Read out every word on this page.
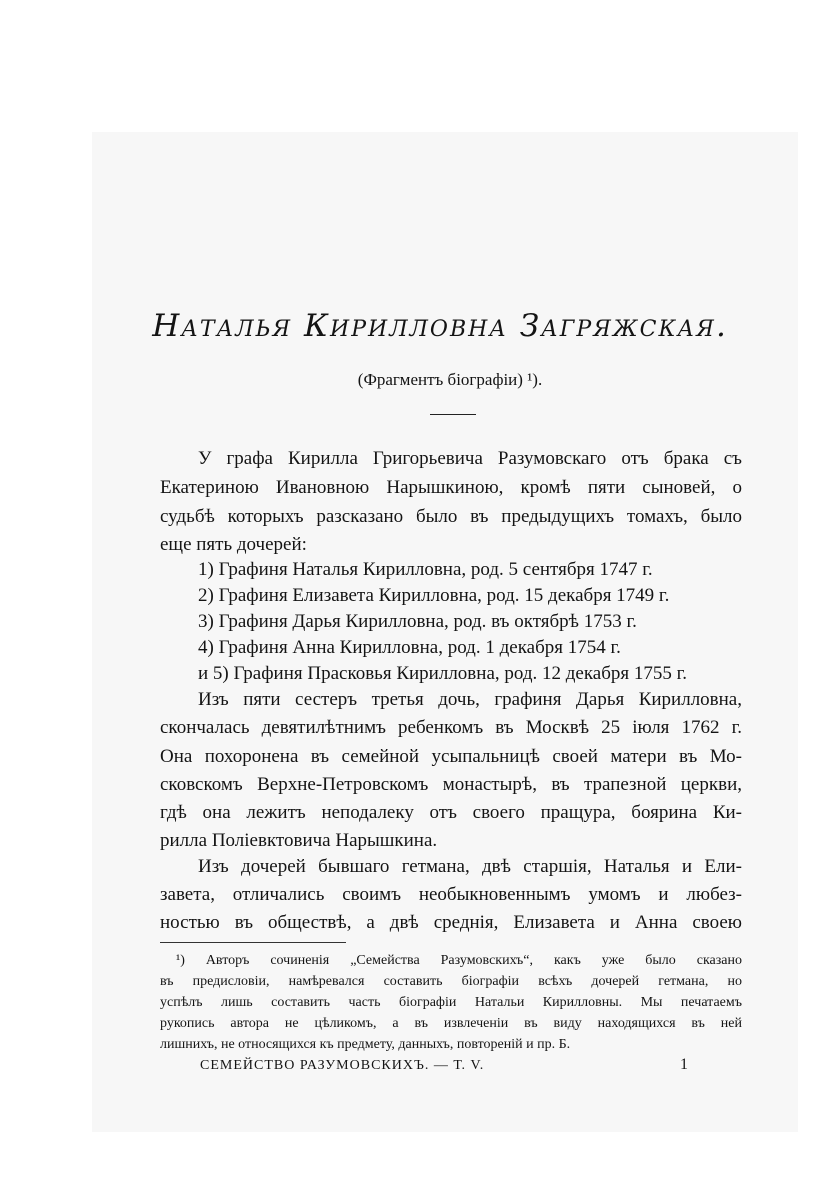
Наталья Кирилловна Загряжская.
(Фрагментъ біографіи) ¹).
У графа Кирилла Григорьевича Разумовскаго отъ брака съ
Екатериною Ивановною Нарышкиною, кромѣ пяти сыновей, о
судьбѣ которыхъ разсказано было въ предыдущихъ томахъ, было
еще пять дочерей:
1) Графиня Наталья Кирилловна, род. 5 сентября 1747 г.
2) Графиня Елизавета Кирилловна, род. 15 декабря 1749 г.
3) Графиня Дарья Кирилловна, род. въ октябрѣ 1753 г.
4) Графиня Анна Кирилловна, род. 1 декабря 1754 г.
и 5) Графиня Прасковья Кирилловна, род. 12 декабря 1755 г.
Изъ пяти сестеръ третья дочь, графиня Дарья Кирилловна,
скончалась девятилѣтнимъ ребенкомъ въ Москвѣ 25 іюля 1762 г.
Она похоронена въ семейной усыпальницѣ своей матери въ Мо-
сковскомъ Верхне-Петровскомъ монастырѣ, въ трапезной церкви,
гдѣ она лежитъ неподалеку отъ своего пращура, боярина Ки-
рилла Поліевктовича Нарышкина.
Изъ дочерей бывшаго гетмана, двѣ старшія, Наталья и Ели-
завета, отличались своимъ необыкновеннымъ умомъ и любез-
ностью въ обществѣ, а двѣ среднія, Елизавета и Анна своею
¹) Авторъ сочиненія „Семейства Разумовскихъ“, какъ уже было сказано
въ предисловіи, намѣревался составить біографіи всѣхъ дочерей гетмана, но
успѣлъ лишь составить часть біографіи Натальи Кирилловны. Мы печатаемъ
рукопись автора не цѣликомъ, а въ извлеченіи въ виду находящихся въ ней
лишнихъ, не относящихся къ предмету, данныхъ, повтореній и пр. Б.
СЕМЕЙСТВО РАЗУМОВСКИХЪ. — Т. V.	1
